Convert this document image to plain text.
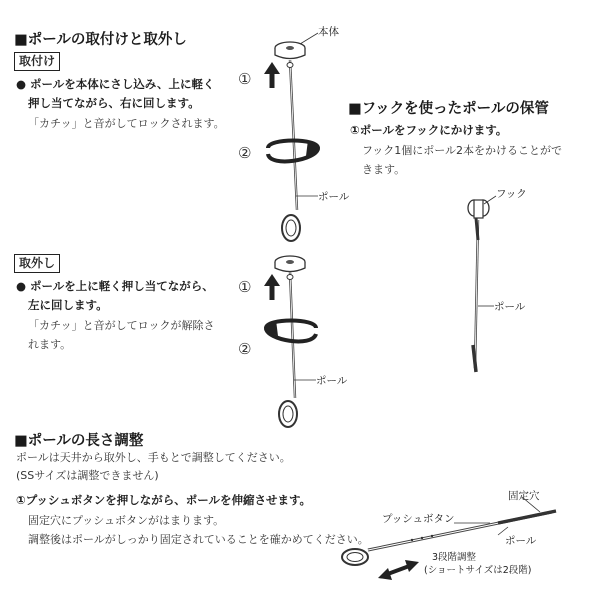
■ポールの取付けと取外し
取付け
● ポールを本体にさし込み、上に軽く
押し当てながら、右に回します。
「カチッ」と音がしてロックされます。
本体
①
②
ポール
取外し
● ポールを上に軽く押し当てながら、
左に回します。
「カチッ」と音がしてロックが解除さ
れます。
①
②
ポール
■フックを使ったポールの保管
①ポールをフックにかけます。
フック1個にポール2本をかけることがで
きます。
フック
ポール
■ポールの長さ調整
ポールは天井から取外し、手もとで調整してください。
(SSサイズは調整できません)
①プッシュボタンを押しながら、ポールを伸縮させます。
固定穴にプッシュボタンがはまります。
調整後はポールがしっかり固定されていることを確かめてください。
固定穴
プッシュボタン
ポール
3段階調整
(ショートサイズは2段階)
